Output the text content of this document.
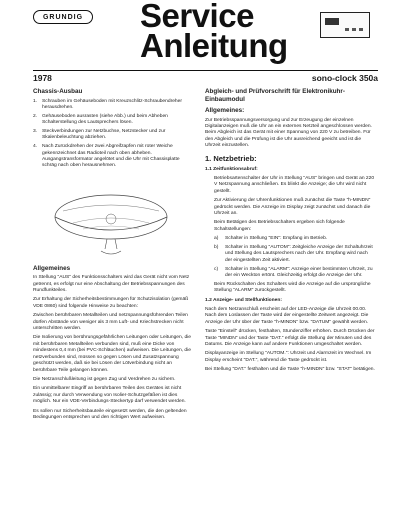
GRUNDIG Service
Anleitung
1978	sono-clock 350a
Chassis-Ausbau
1.	Schrauben im Gehäuseboden mit Kreuzschlitz-Schraubendreher herausdrehen.
2.	Gehäuseboden ausrasten (siehe Abb.) und beim Abheben Schalterstellung des Lautsprechers lösen.
3.	Steckverbindungen zur Netzbuchse, Netzstecker und zur Skalenbeleuchtung abziehen.
4.	Nach Zurückdrehen der zwei Abgreifzapfen mit roter Weiche gekennzeichnet das Radioteil nach oben abheben. Ausgangstransformator angelötet und die Uhr mit Chassisplatte schräg nach oben herausnehmen.
Allgemeines
In Stellung "AUS" des Funktionsschalters wird das Gerät nicht vom Netz getrennt, es erfolgt nur eine Abschaltung der Betriebsspannungen des Rundfunkteiles.
Zur Erhaltung der Sicherheitsbestimmungen für Schutzisolation (gemäß VDE 0860) sind folgende Hinweise zu beachten:
Zwischen berührbaren Metallteilen und netzspannungsführenden Teilen dürfen Abstände von weniger als 3 mm Luft- und Kriechstrecken nicht unterschritten werden.
Die Isolierung von berührungsgefährlichen Leitungen oder Leitungen, die mit berührbaren Metallteilen verbunden sind, muß eine Dicke von mindestens 0,4 mm (bei PVC-Schläuchen) aufweisen. Die Leitungen, die netzverbunden sind, müssen so gegen Lösen und Zusatzspannung geschützt werden, daß sie bei Lösen der Lötverbindung nicht an berührbare Teile gelangen können.
Die Netzanschlußleitung ist gegen Zug und Verdrehen zu sichern.
Ein unmittelbarer Eingriff an berührbaren Teilen des Gerätes ist nicht zulässig; nur durch Verwendung von Isolier-Schutzgefäßen ist dies möglich. Nur ein VDE-Verbindungs-Steckertyp darf verwendet werden.
Es sollen nur Sicherheitsbauteile eingesetzt werden, die den geltenden Bedingungen entsprechen und den richtigen Wert aufweisen.
Abgleich- und Prüfvorschrift für Elektronikuhr-Einbaumodul
Allgemeines:
Zur Betriebsspannungsversorgung und zur Erzeugung der einzelnen Digitalanzeigen muß die Uhr an ein externes Netzteil angeschlossen werden. Beim Abgleich ist das Gerät mit einer Spannung von 220 V zu betreiben. Für den Abgleich und die Prüfung ist die Uhr ausreichend geeicht und ist die Uhrzeit einzustellen.
1. Netzbetrieb:
1.1 Zeitfunktionsabruf:
Betriebsartenschalter der Uhr in Stellung "AUS" bringen und Gerät an 220 V Netzspannung anschließen. Es blinkt die Anzeige; die Uhr wird nicht gestellt.
Zur Aktivierung der Uhrenfunktionen muß zunächst die Taste "h-MINDN" gedrückt werden. Die Anzeige im Display zeigt zunächst und danach die Uhrzeit an.
Beim Betätigen des Betriebsschalters ergeben sich folgende Schaltstellungen:
a)	Schalter in Stellung "EIN": Empfang im Betrieb.
b)	Schalter in Stellung "AUTOM": Zeitgleiche Anzeige der Schaltuhrzeit und Stellung des Lautsprechers nach der Uhr. Empfang wird nach der eingestellten Zeit aktiviert.
c)	Schalter in Stellung "ALARM": Anzeige einer bestimmten Uhrzeit, zu der ein Weckton ertönt. Gleichzeitig erfolgt die Anzeige der Uhr.
Beim Rückschalten des Schalters wird die Anzeige auf die ursprüngliche Stellung "ALARM" zurückgestellt.
1.2 Anzeige- und Stellfunktionen:
Nach dem Netzanschluß erscheint auf der LED-Anzeige die Uhrzeit 00.00. Nach dem Loslassen der Taste wird der eingestellte Zeitwert angezeigt. Die Anzeige der Uhr über der Taste "h-MINDN" bzw. "DATUM" gewählt werden.
Taste "Einstell" drücken, festhalten, Stundenziffer erhöhen. Durch Drücken der Taste "MINDN" und der Taste "DAT." erfolgt die Stellung der Minuten und des Datums. Die Anzeige kann auf andere Funktionen umgeschaltet werden.
Displayanzeige im Stellung "AUTOM.": Uhrzeit und Alarmzeit im Wechsel. Im Display erscheint "DAT.", während die Taste gedrückt ist.
Bei Stellung "DAT." festhalten und die Taste "h-MINDN" bzw. "STAT" betätigen.
